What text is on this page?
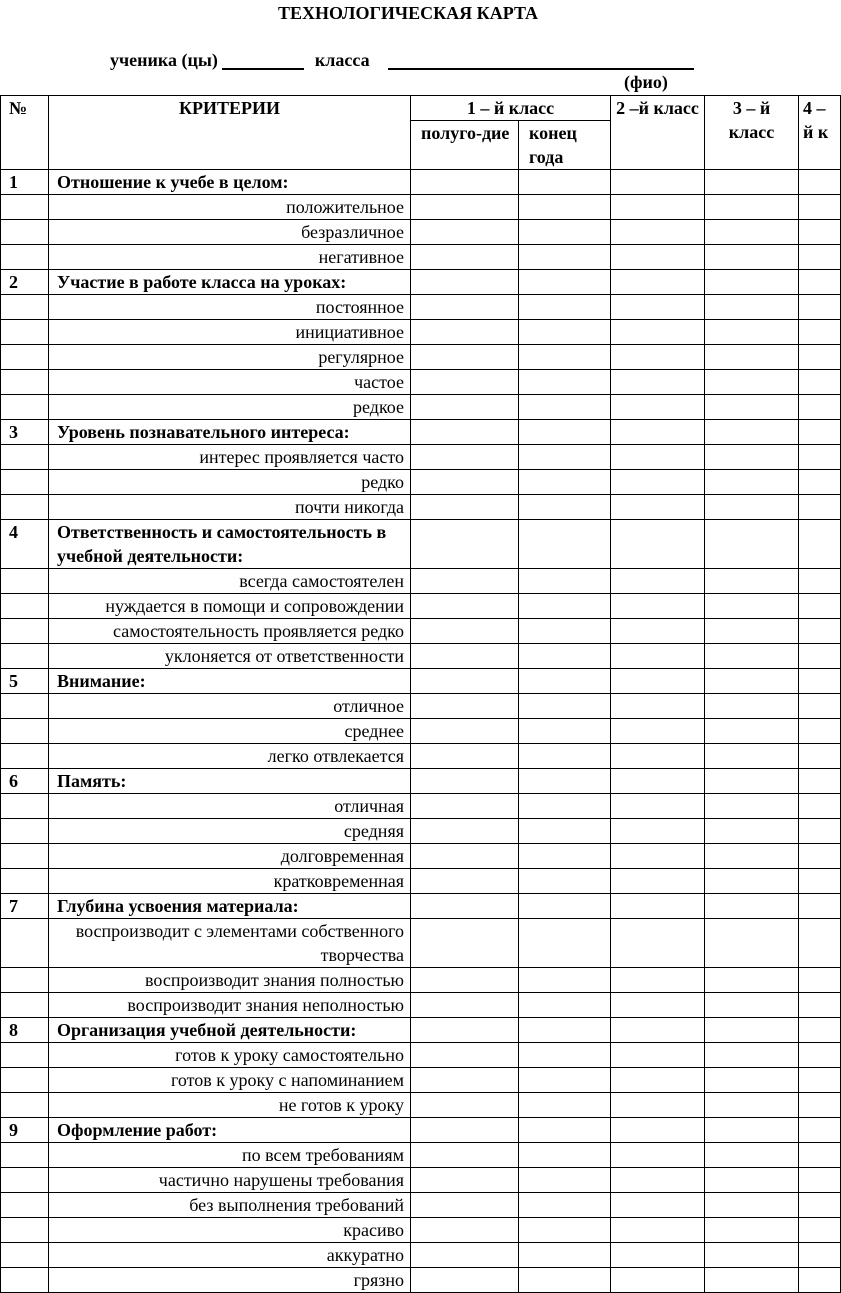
ТЕХНОЛОГИЧЕСКАЯ КАРТА
ученика (цы)	класса
(фио)
№	КРИТЕРИИ	1 – й класс		2 –й класс	3 – й класс	4 – й к
		полуго-дие	конец года			
1	Отношение к учебе в целом:					
	положительное					
	безразличное					
	негативное					
2	Участие в работе класса на уроках:					
	постоянное					
	инициативное					
	регулярное					
	частое					
	редкое					
3	Уровень познавательного интереса:					
	интерес проявляется часто					
	редко					
	почти никогда					
4	Ответственность и самостоятельность в учебной деятельности:					
	всегда самостоятелен					
	нуждается в помощи и сопровождении					
	самостоятельность проявляется редко					
	уклоняется от ответственности					
5	Внимание:					
	отличное					
	среднее					
	легко отвлекается					
6	Память:					
	отличная					
	средняя					
	долговременная					
	кратковременная					
7	Глубина усвоения материала:					
	воспроизводит с элементами собственного творчества					
	воспроизводит знания полностью					
	воспроизводит знания неполностью					
8	Организация учебной деятельности:					
	готов к уроку самостоятельно					
	готов к уроку с напоминанием					
	не готов к уроку					
9	Оформление работ:					
	по всем требованиям					
	частично нарушены требования					
	без выполнения требований					
	красиво					
	аккуратно					
	грязно					
